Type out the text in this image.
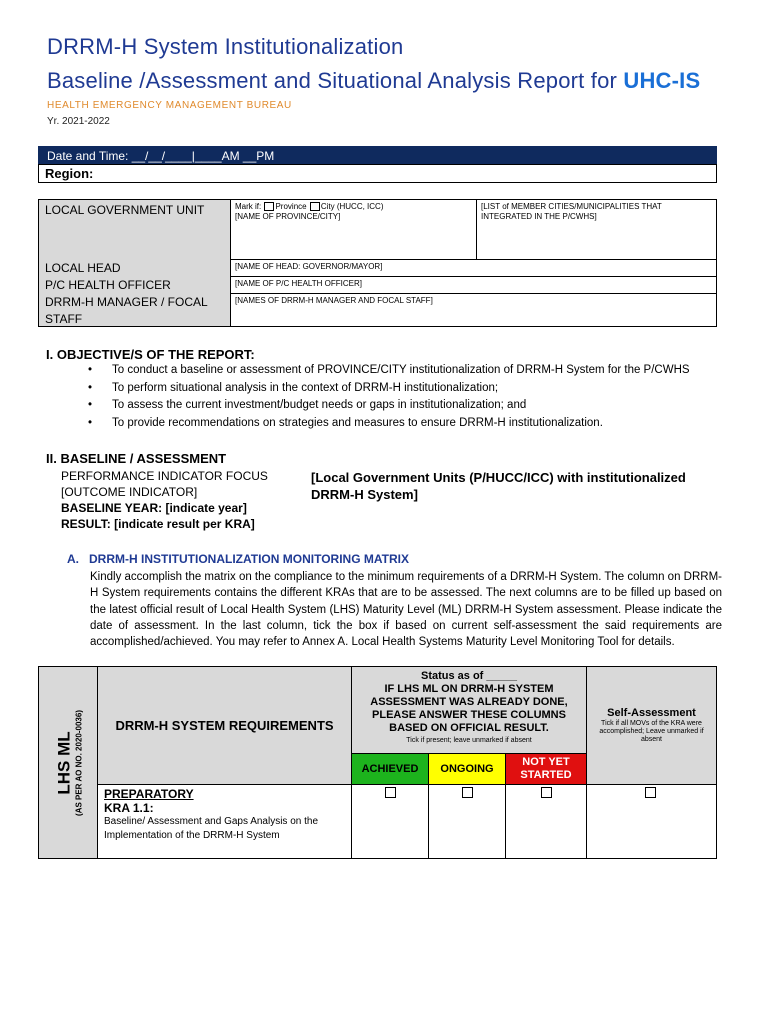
DRRM-H System Institutionalization
Baseline /Assessment and Situational Analysis Report for UHC-IS
HEALTH EMERGENCY MANAGEMENT BUREAU
Yr. 2021-2022
Date and Time: __/__/____|____AM __PM
Region:
LOCAL GOVERNMENT UNIT
LOCAL HEAD
P/C HEALTH OFFICER
DRRM-H MANAGER / FOCAL
STAFF
Mark if: Province City (HUCC, ICC)
[NAME OF PROVINCE/CITY]
[LIST of MEMBER CITIES/MUNICIPALITIES THAT INTEGRATED IN THE P/CWHS]
[NAME OF HEAD: GOVERNOR/MAYOR]
[NAME OF P/C HEALTH OFFICER]
[NAMES OF DRRM-H MANAGER AND FOCAL STAFF]
I. OBJECTIVE/S OF THE REPORT:
• To conduct a baseline or assessment of PROVINCE/CITY institutionalization of DRRM-H System for the P/CWHS
• To perform situational analysis in the context of DRRM-H institutionalization;
• To assess the current investment/budget needs or gaps in institutionalization; and
• To provide recommendations on strategies and measures to ensure DRRM-H institutionalization.
II. BASELINE / ASSESSMENT
PERFORMANCE INDICATOR FOCUS
[OUTCOME INDICATOR]
BASELINE YEAR: [indicate year]
RESULT: [indicate result per KRA]
[Local Government Units (P/HUCC/ICC) with institutionalized DRRM-H System]
A. DRRM-H INSTITUTIONALIZATION MONITORING MATRIX
Kindly accomplish the matrix on the compliance to the minimum requirements of a DRRM-H System. The column on DRRM-H System requirements contains the different KRAs that are to be assessed. The next columns are to be filled up based on the latest official result of Local Health System (LHS) Maturity Level (ML) DRRM-H System assessment. Please indicate the date of assessment. In the last column, tick the box if based on current self-assessment the said requirements are accomplished/achieved. You may refer to Annex A. Local Health Systems Maturity Level Monitoring Tool for details.
LHS ML (AS PER AO NO. 2020-0036)	DRRM-H SYSTEM REQUIREMENTS
Status as of _____
IF LHS ML ON DRRM-H SYSTEM
ASSESSMENT WAS ALREADY DONE,
PLEASE ANSWER THESE COLUMNS
BASED ON OFFICIAL RESULT.
Tick if present; leave unmarked if absent
ACHIEVED	ONGOING
NOT YET
STARTED
Self-Assessment
Tick if all MOVs of the KRA were accomplished; Leave unmarked if absent
PREPARATORY
KRA 1.1:
Baseline/ Assessment and Gaps Analysis on the
Implementation of the DRRM-H System
